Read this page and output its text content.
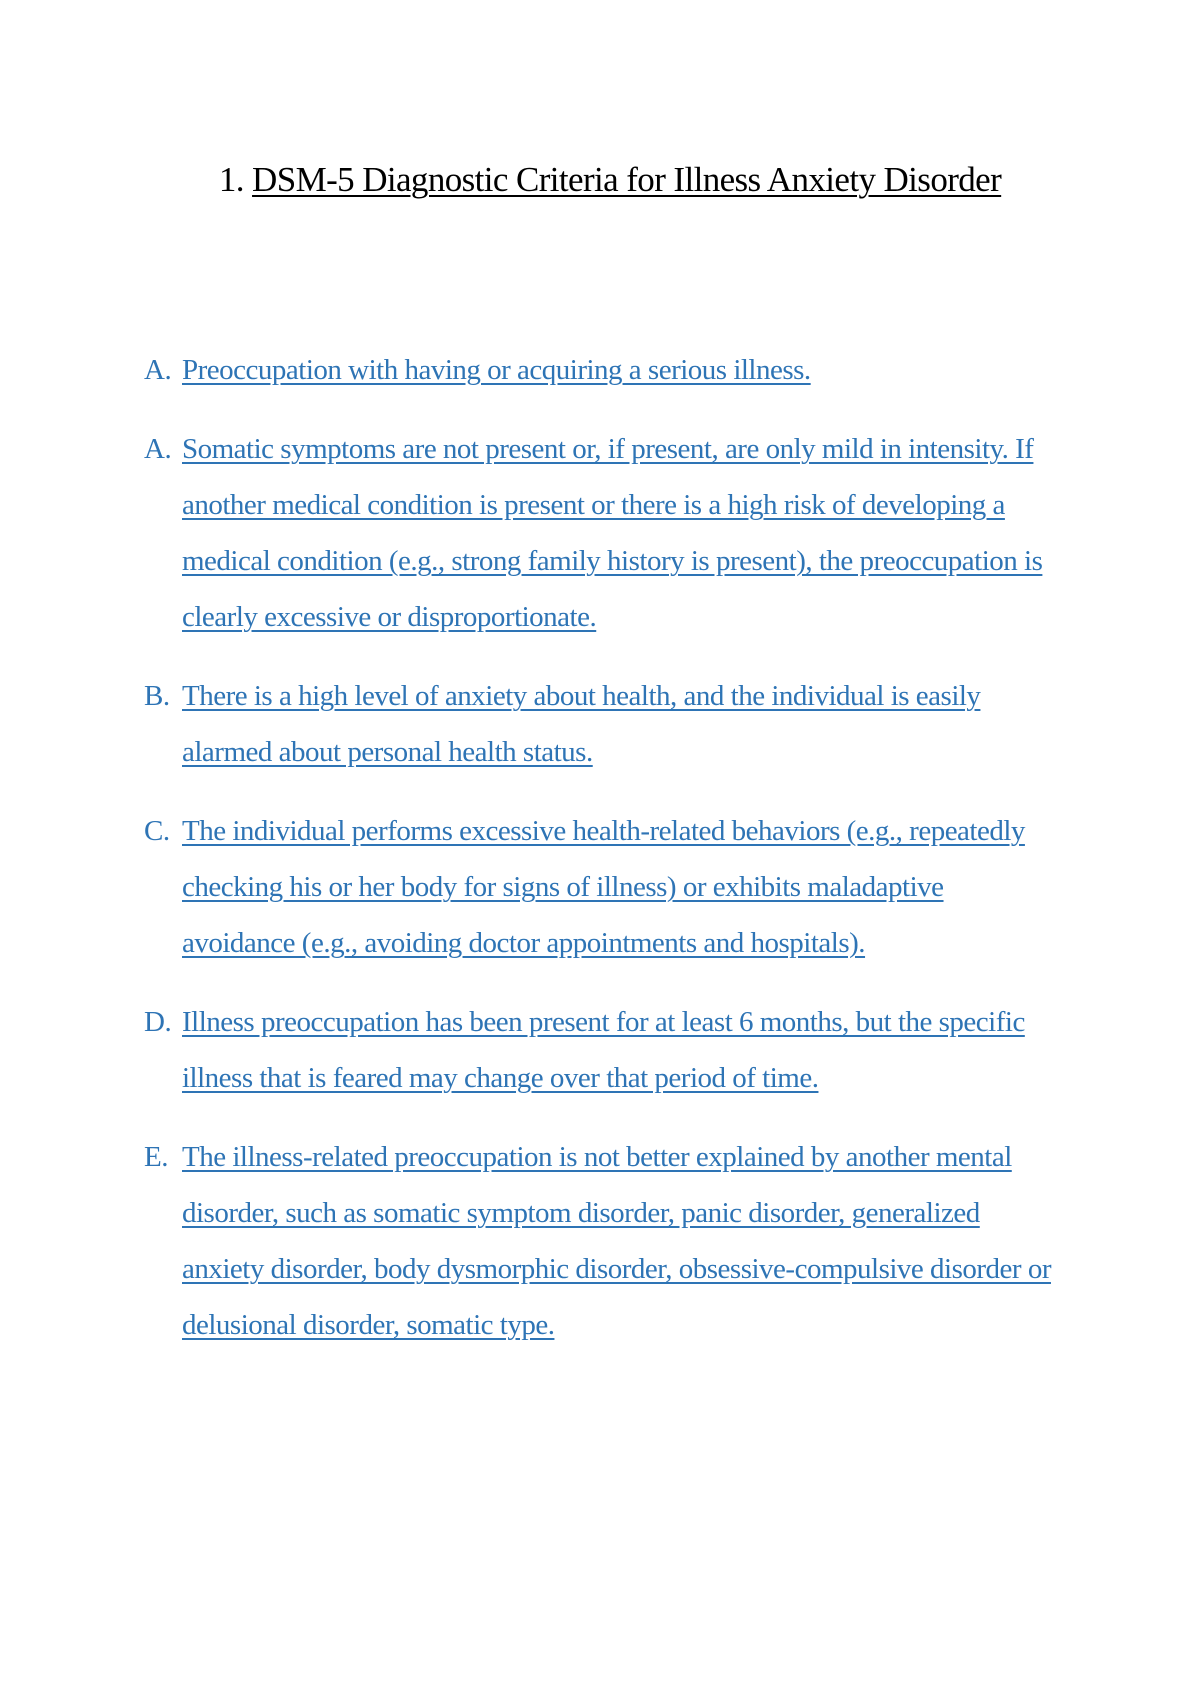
1. DSM-5 Diagnostic Criteria for Illness Anxiety Disorder
A. Preoccupation with having or acquiring a serious illness.
A. Somatic symptoms are not present or, if present, are only mild in intensity. If another medical condition is present or there is a high risk of developing a medical condition (e.g., strong family history is present), the preoccupation is clearly excessive or disproportionate.
B. There is a high level of anxiety about health, and the individual is easily alarmed about personal health status.
C. The individual performs excessive health-related behaviors (e.g., repeatedly checking his or her body for signs of illness) or exhibits maladaptive avoidance (e.g., avoiding doctor appointments and hospitals).
D. Illness preoccupation has been present for at least 6 months, but the specific illness that is feared may change over that period of time.
E. The illness-related preoccupation is not better explained by another mental disorder, such as somatic symptom disorder, panic disorder, generalized anxiety disorder, body dysmorphic disorder, obsessive-compulsive disorder or delusional disorder, somatic type.
